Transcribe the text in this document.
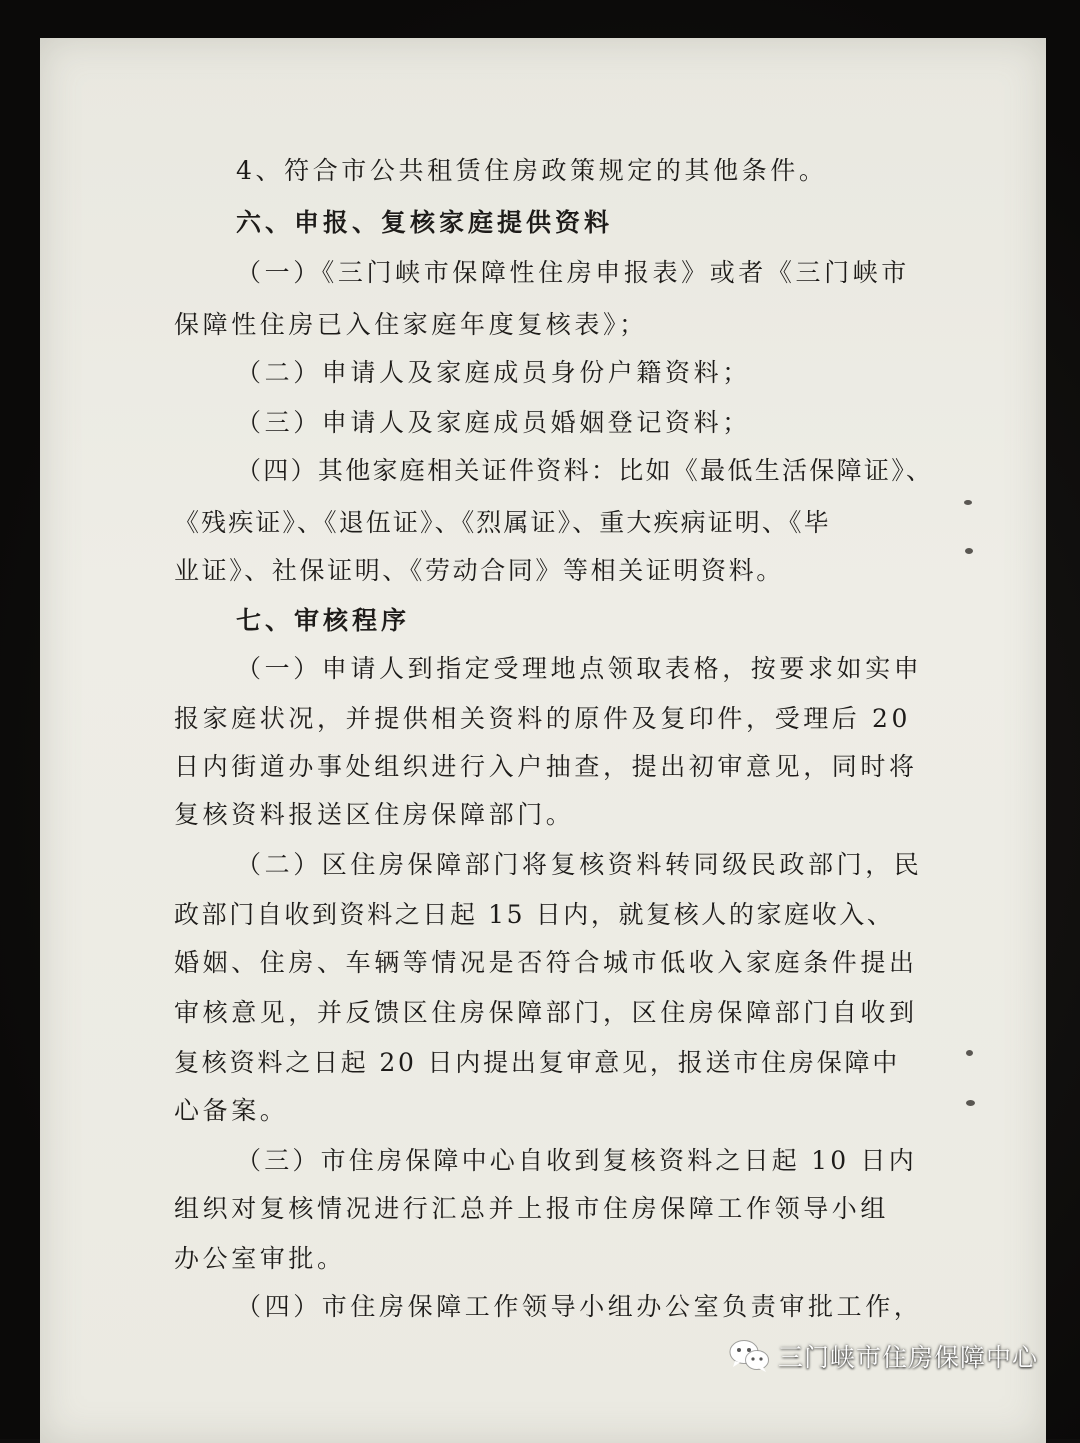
4、符合市公共租赁住房政策规定的其他条件。
六、申报、复核家庭提供资料
（一）《三门峡市保障性住房申报表》或者《三门峡市
保障性住房已入住家庭年度复核表》；
（二）申请人及家庭成员身份户籍资料；
（三）申请人及家庭成员婚姻登记资料；
（四）其他家庭相关证件资料：比如《最低生活保障证》、
《残疾证》、《退伍证》、《烈属证》、重大疾病证明、《毕
业证》、社保证明、《劳动合同》等相关证明资料。
七、审核程序
（一）申请人到指定受理地点领取表格，按要求如实申
报家庭状况，并提供相关资料的原件及复印件，受理后 20
日内街道办事处组织进行入户抽查，提出初审意见，同时将
复核资料报送区住房保障部门。
（二）区住房保障部门将复核资料转同级民政部门，民
政部门自收到资料之日起 15 日内，就复核人的家庭收入、
婚姻、住房、车辆等情况是否符合城市低收入家庭条件提出
审核意见，并反馈区住房保障部门，区住房保障部门自收到
复核资料之日起 20 日内提出复审意见，报送市住房保障中
心备案。
（三）市住房保障中心自收到复核资料之日起 10 日内
组织对复核情况进行汇总并上报市住房保障工作领导小组
办公室审批。
（四）市住房保障工作领导小组办公室负责审批工作，
三门峡市住房保障中心
